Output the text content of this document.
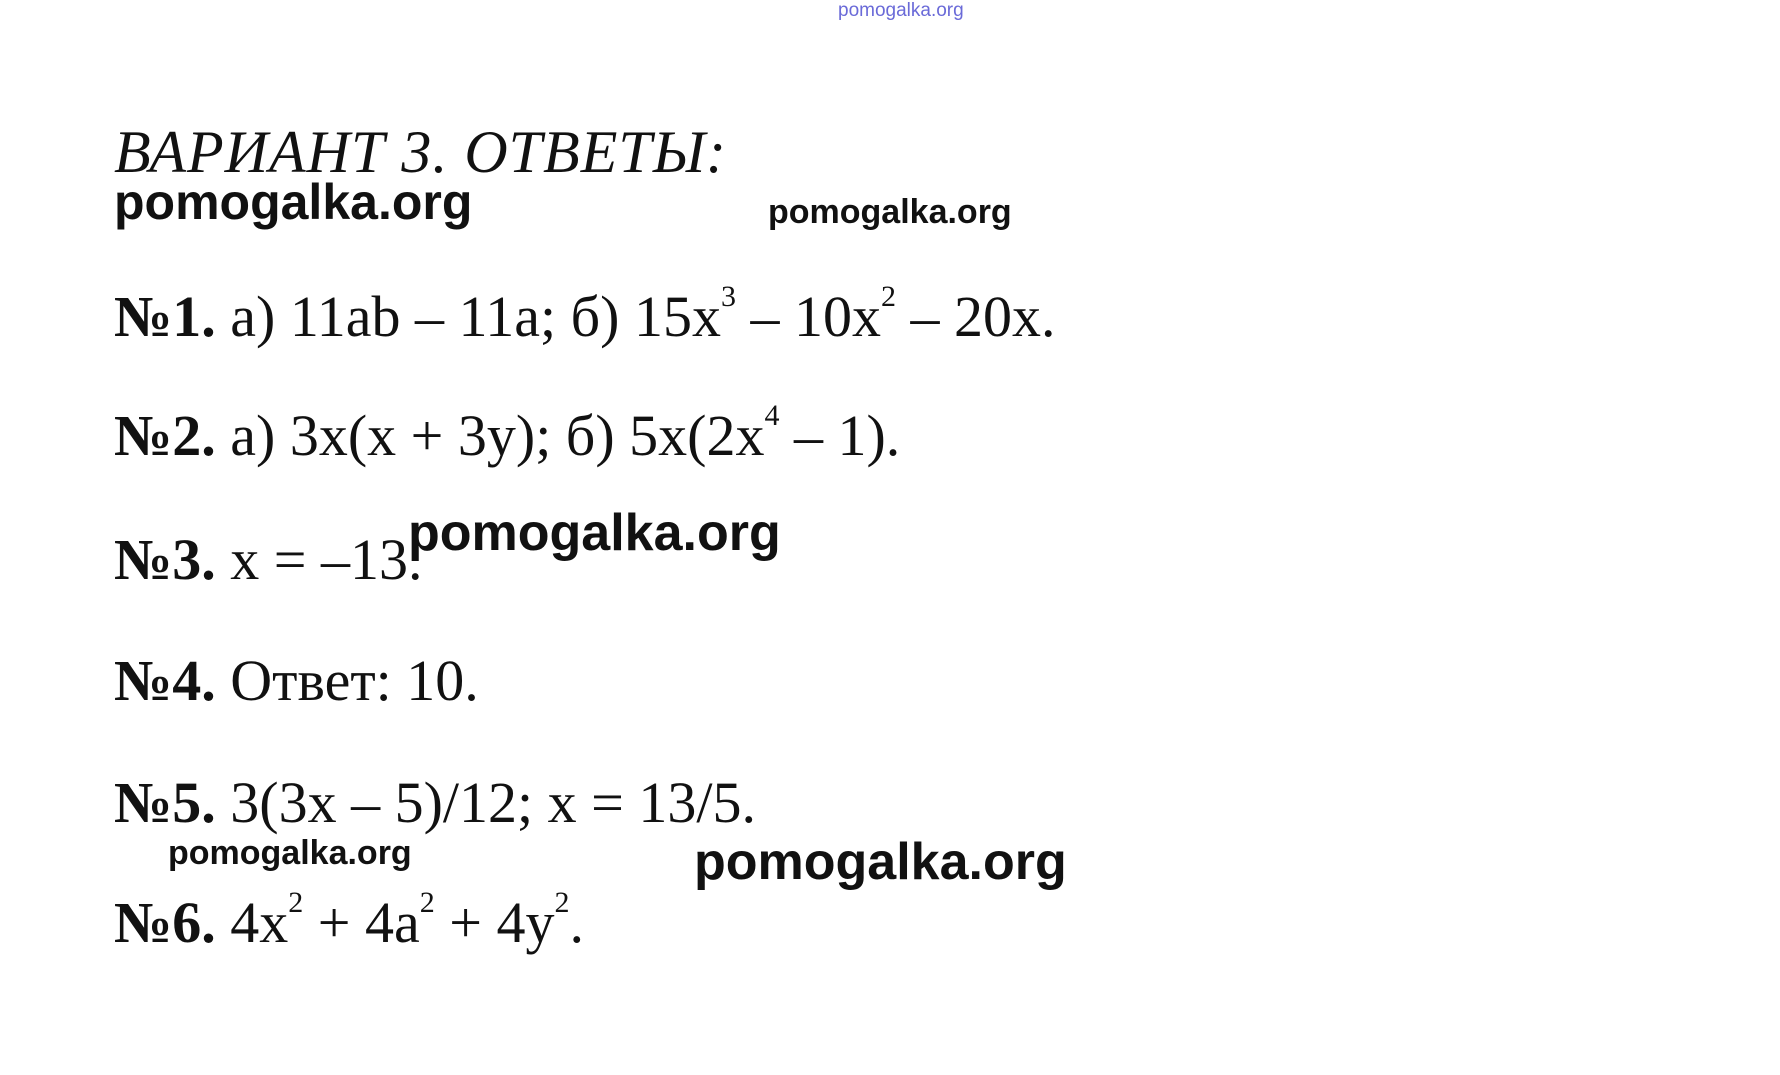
pomogalka.org
ВАРИАНТ 3. ОТВЕТЫ:
pomogalka.org	pomogalka.org
№1. а) 11ab – 11a; б) $15x^3 - 10x^2 - 20x$.
№2. а) 3x(x + 3y); б) $5x(2x^4 - 1)$.
№3. x = –13.
pomogalka.org
№4. Ответ: 10.
№5. 3(3x – 5)/12; x = 13/5.
pomogalka.org	pomogalka.org
№6. $4x^2 + 4a^2 + 4y^2$.
